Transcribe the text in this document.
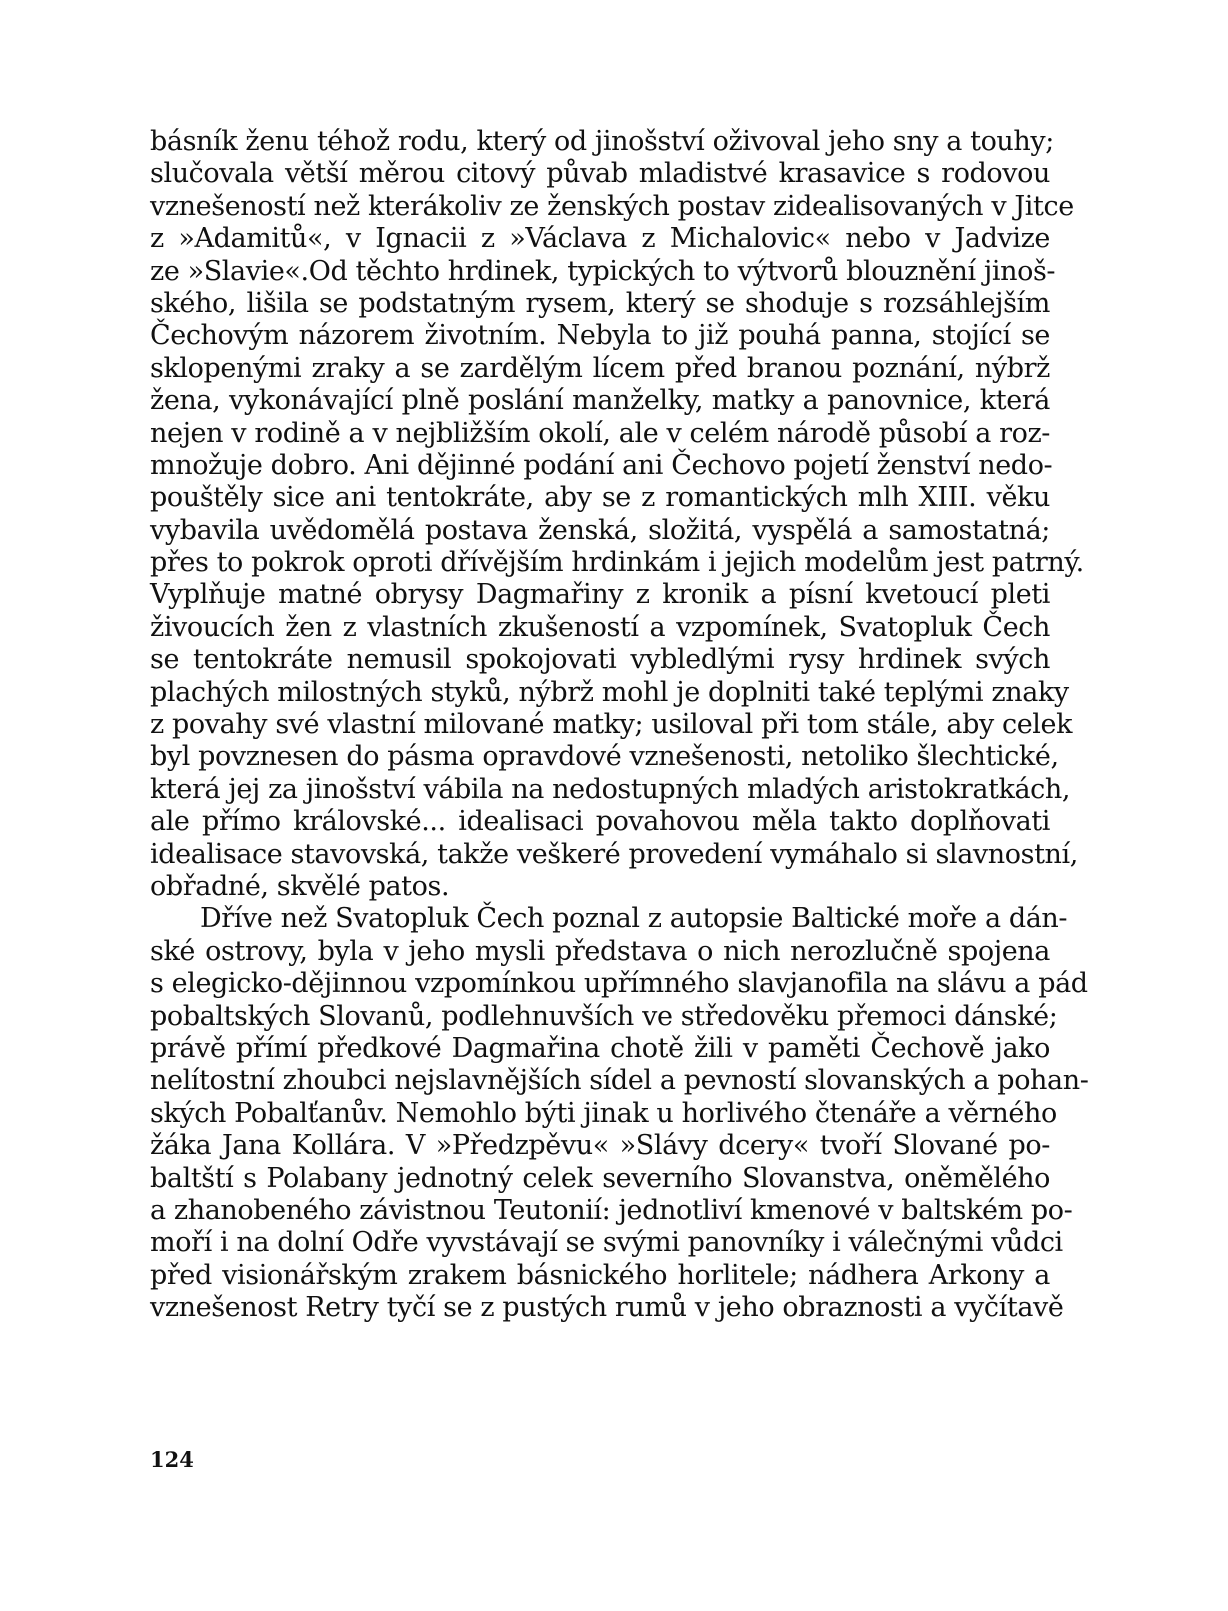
básník ženu téhož rodu, který od jinošství oživoval jeho sny a touhy;
slučovala větší měrou citový půvab mladistvé krasavice s rodovou
vznešeností než kterákoliv ze ženských postav zidealisovaných v Jitce
z »Adamitů«, v Ignacii z »Václava z Michalovic« nebo v Jadvize
ze »Slavie«.Od těchto hrdinek, typických to výtvorů blouznění jinoš-
ského, lišila se podstatným rysem, který se shoduje s rozsáhlejším
Čechovým názorem životním. Nebyla to již pouhá panna, stojící se
sklopenými zraky a se zardělým lícem před branou poznání, nýbrž
žena, vykonávající plně poslání manželky, matky a panovnice, která
nejen v rodině a v nejbližším okolí, ale v celém národě působí a roz-
množuje dobro. Ani dějinné podání ani Čechovo pojetí ženství nedo-
pouštěly sice ani tentokráte, aby se z romantických mlh XIII. věku
vybavila uvědomělá postava ženská, složitá, vyspělá a samostatná;
přes to pokrok oproti dřívějším hrdinkám i jejich modelům jest patrný.
Vyplňuje matné obrysy Dagmařiny z kronik a písní kvetoucí pleti
živoucích žen z vlastních zkušeností a vzpomínek, Svatopluk Čech
se tentokráte nemusil spokojovati vybledlými rysy hrdinek svých
plachých milostných styků, nýbrž mohl je doplniti také teplými znaky
z povahy své vlastní milované matky; usiloval při tom stále, aby celek
byl povznesen do pásma opravdové vznešenosti, netoliko šlechtické,
která jej za jinošství vábila na nedostupných mladých aristokratkách,
ale přímo královské... idealisaci povahovou měla takto doplňovati
idealisace stavovská, takže veškeré provedení vymáhalo si slavnostní,
obřadné, skvělé patos.
Dříve než Svatopluk Čech poznal z autopsie Baltické moře a dán-
ské ostrovy, byla v jeho mysli představa o nich nerozlučně spojena
s elegicko-dějinnou vzpomínkou upřímného slavjanofila na slávu a pád
pobaltských Slovanů, podlehnuvších ve středověku přemoci dánské;
právě přímí předkové Dagmařina chotě žili v paměti Čechově jako
nelítostní zhoubci nejslavnějších sídel a pevností slovanských a pohan-
ských Pobalťanův. Nemohlo býti jinak u horlivého čtenáře a věrného
žáka Jana Kollára. V »Předzpěvu« »Slávy dcery« tvoří Slované po-
baltští s Polabany jednotný celek severního Slovanstva, oněmělého
a zhanobeného závistnou Teutonií: jednotliví kmenové v baltském po-
moří i na dolní Odře vyvstávají se svými panovníky i válečnými vůdci
před visionářským zrakem básnického horlitele; nádhera Arkony a
vznešenost Retry tyčí se z pustých rumů v jeho obraznosti a vyčítavě
124
